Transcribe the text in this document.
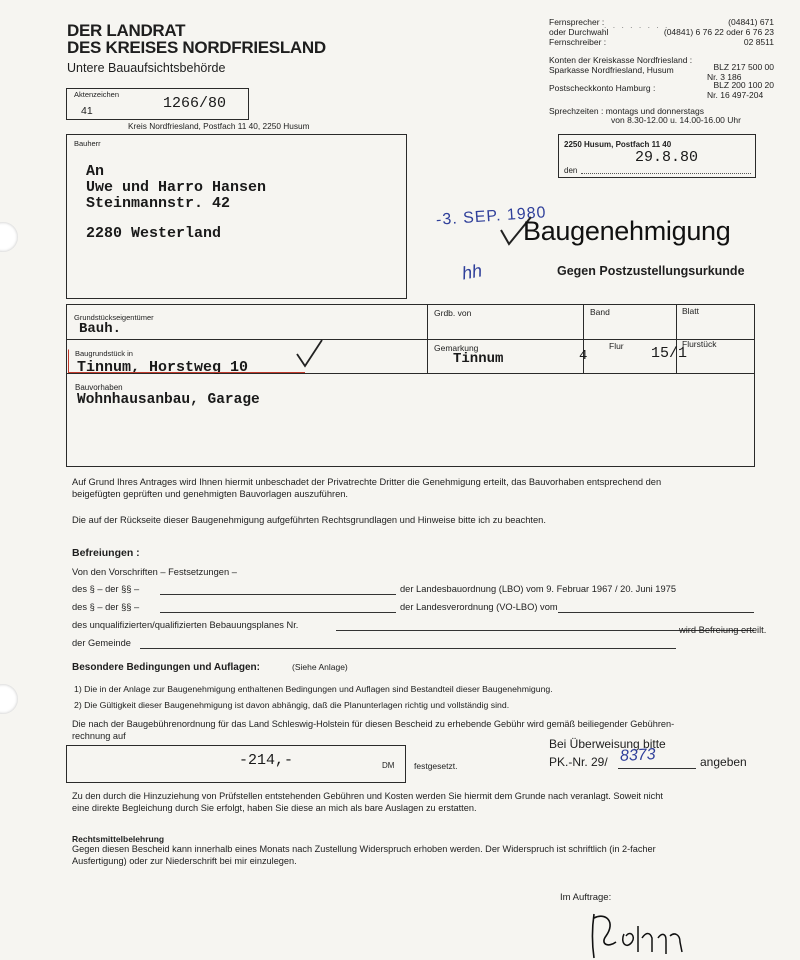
DER LANDRAT
DES KREISES NORDFRIESLAND
Untere Bauaufsichtsbehörde
Fernsprecher : . . . . . . . .	(04841) 671
oder Durchwahl	(04841) 6 76 22 oder 6 76 23
Fernschreiber :	02 8511
Konten der Kreiskasse Nordfriesland :
Sparkasse Nordfriesland, Husum	BLZ 217 500 00
Nr. 3 186
Postscheckkonto Hamburg :	BLZ 200 100 20
Nr. 16 497-204
Sprechzeiten : montags und donnerstags
von 8.30-12.00 u. 14.00-16.00 Uhr
Aktenzeichen
41	1266/80
Kreis Nordfriesland, Postfach 11 40, 2250 Husum
Bauherr
An
Uwe und Harro Hansen
Steinmannstr. 42
2280 Westerland
2250 Husum, Postfach 11 40
29.8.80
den
-3. SEP. 1980
hh
Baugenehmigung
Gegen Postzustellungsurkunde
Grundstückseigentümer
Bauh.
Grdb. von	Band	Blatt
Baugrundstück in
Tinnum, Horstweg 10
Gemarkung
Tinnum
Flur
4
Flurstück
15/1
Bauvorhaben
Wohnhausanbau, Garage
Auf Grund Ihres Antrages wird Ihnen hiermit unbeschadet der Privatrechte Dritter die Genehmigung erteilt, das Bauvorhaben entsprechend den
beigefügten geprüften und genehmigten Bauvorlagen auszuführen.
Die auf der Rückseite dieser Baugenehmigung aufgeführten Rechtsgrundlagen und Hinweise bitte ich zu beachten.
Befreiungen :
Von den Vorschriften – Festsetzungen –
des § – der §§ –	der Landesbauordnung (LBO) vom 9. Februar 1967 / 20. Juni 1975
des § – der §§ –	der Landesverordnung (VO-LBO) vom
des unqualifizierten/qualifizierten Bebauungsplanes Nr.
der Gemeinde
wird Befreiung erteilt.
Besondere Bedingungen und Auflagen:	(Siehe Anlage)
1) Die in der Anlage zur Baugenehmigung enthaltenen Bedingungen und Auflagen sind Bestandteil dieser Baugenehmigung.
2) Die Gültigkeit dieser Baugenehmigung ist davon abhängig, daß die Planunterlagen richtig und vollständig sind.
Die nach der Baugebührenordnung für das Land Schleswig-Holstein für diesen Bescheid zu erhebende Gebühr wird gemäß beiliegender Gebühren-
rechnung auf
-214,-	DM festgesetzt.
Bei Überweisung bitte
PK.-Nr. 29/ 8373	angeben
Zu den durch die Hinzuziehung von Prüfstellen entstehenden Gebühren und Kosten werden Sie hiermit dem Grunde nach veranlagt. Soweit nicht
eine direkte Begleichung durch Sie erfolgt, haben Sie diese an mich als bare Auslagen zu erstatten.
Rechtsmittelbelehrung
Gegen diesen Bescheid kann innerhalb eines Monats nach Zustellung Widerspruch erhoben werden. Der Widerspruch ist schriftlich (in 2-facher
Ausfertigung) oder zur Niederschrift bei mir einzulegen.
Im Auftrage:
